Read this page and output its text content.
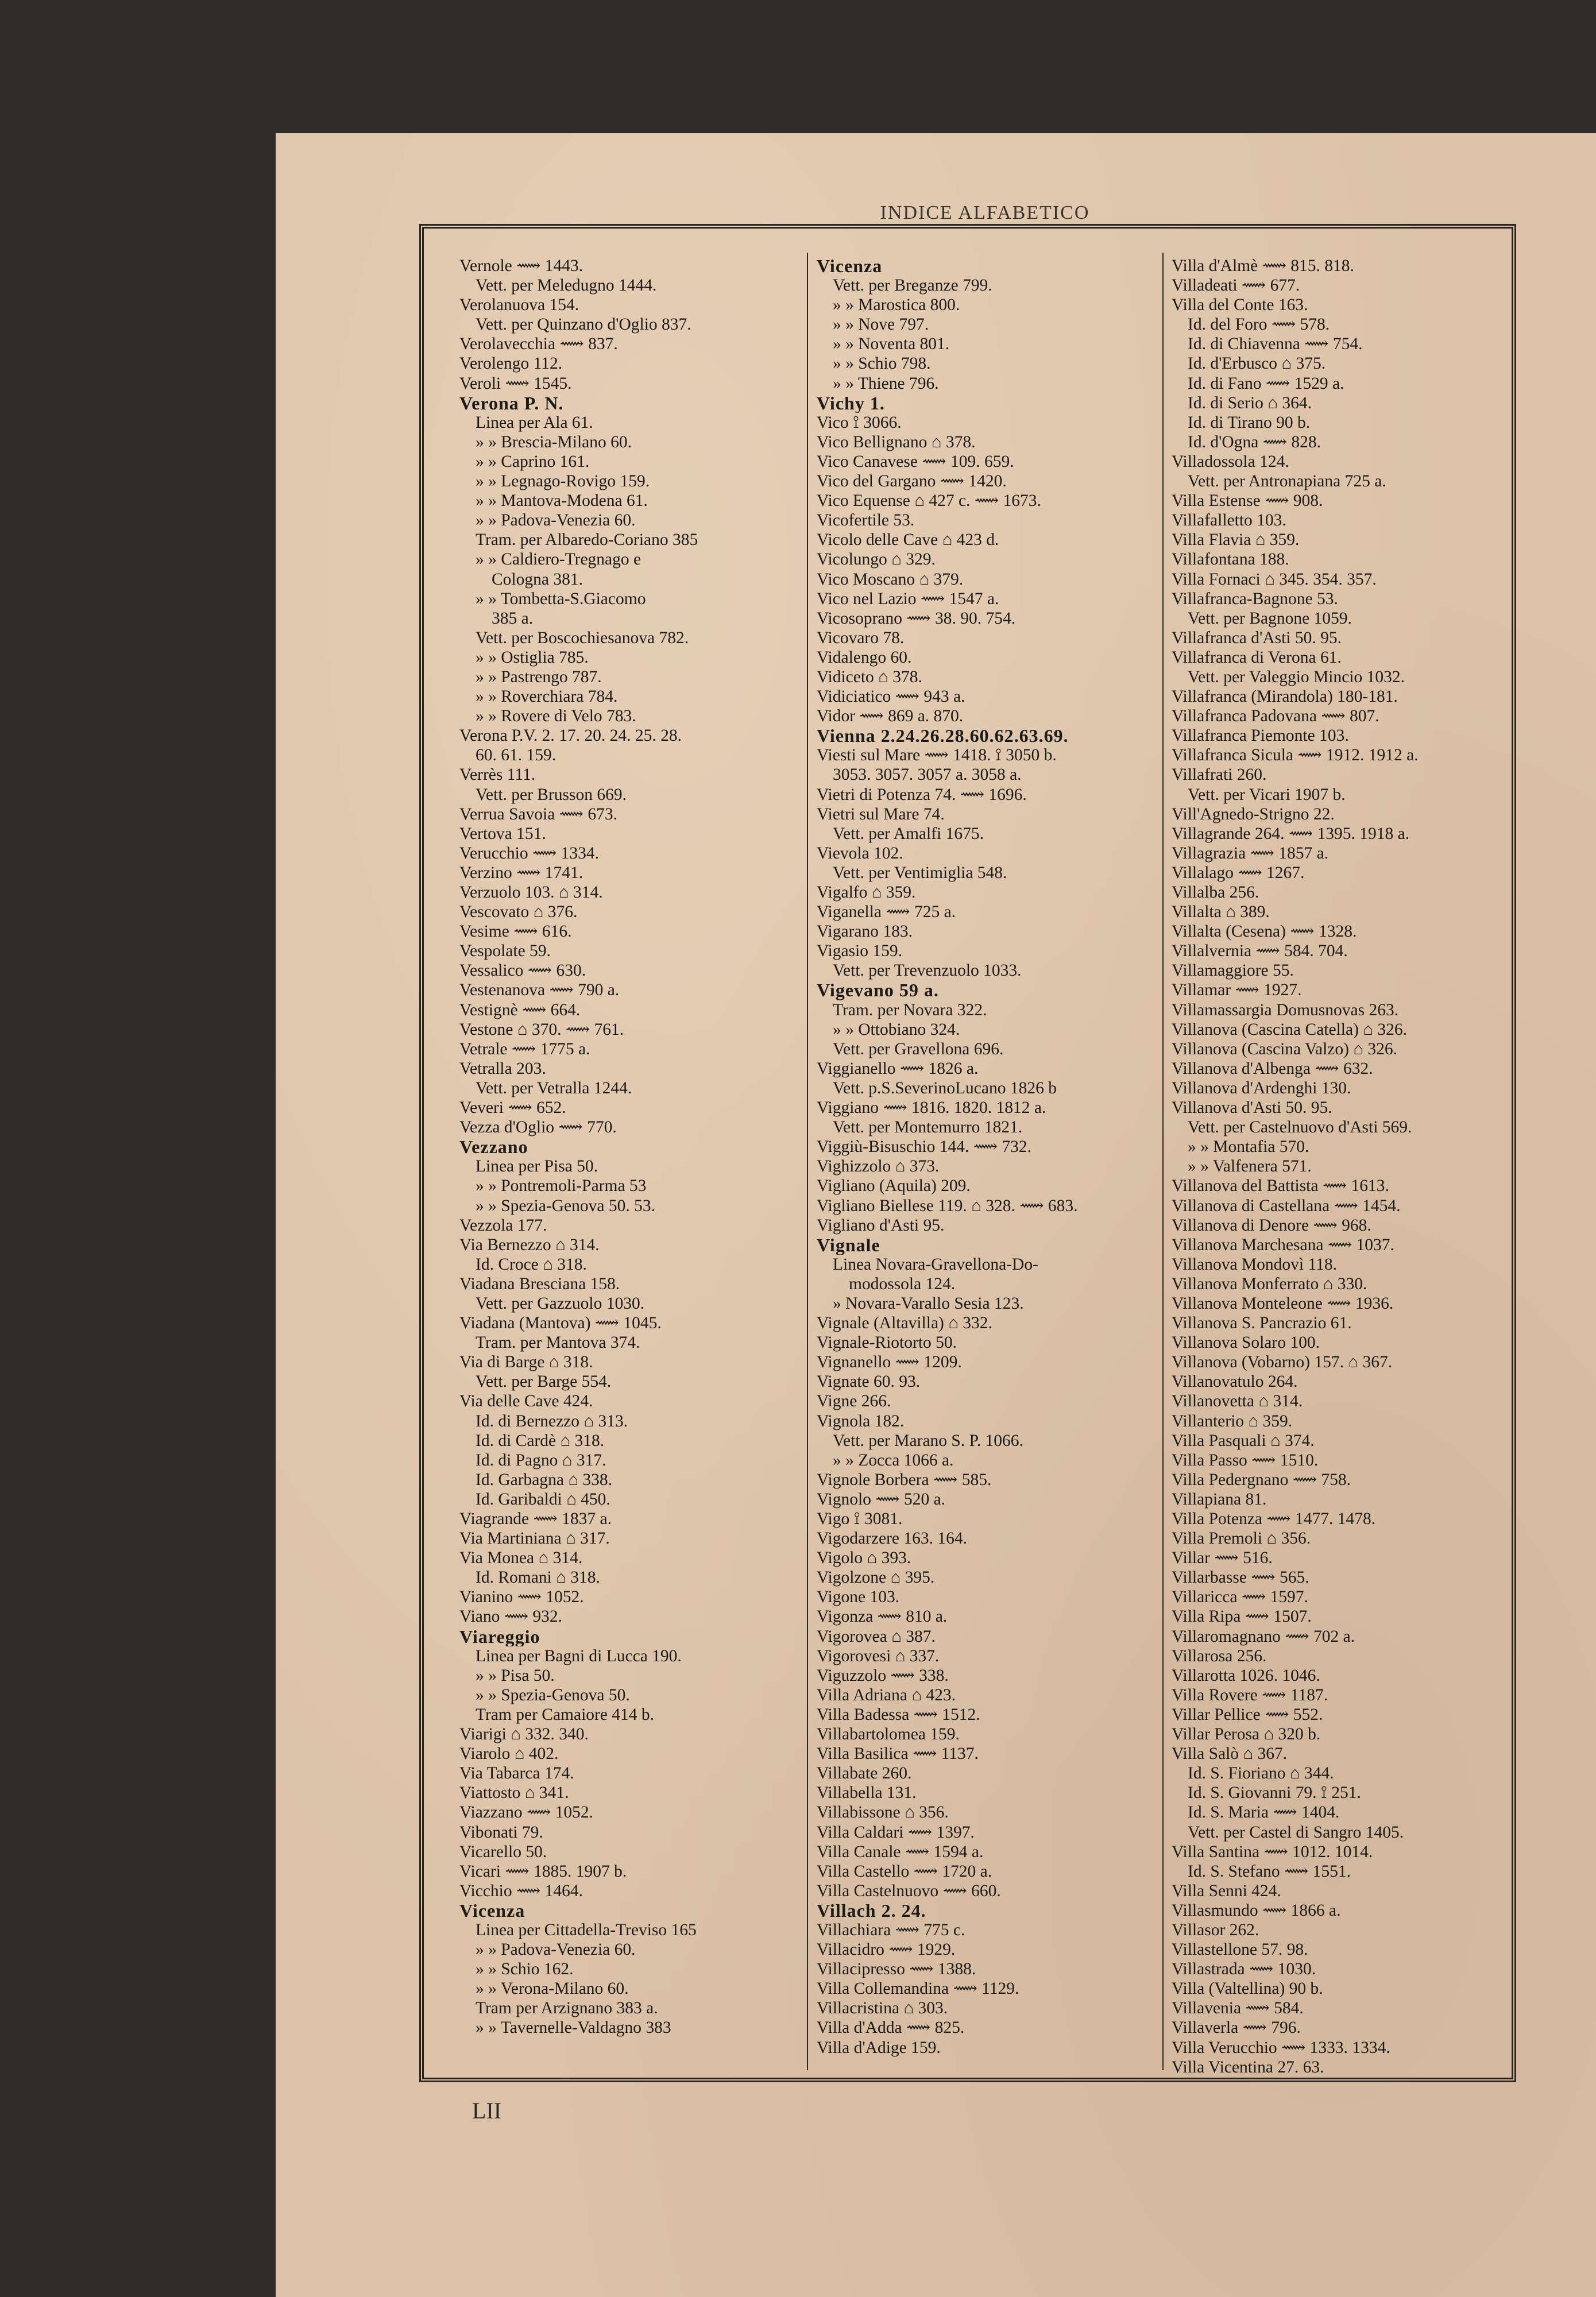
INDICE ALFABETICO
Vernole ⟿ 1443.
Vett. per Meledugno 1444.
Verolanuova 154.
Vett. per Quinzano d'Oglio 837.
Verolavecchia ⟿ 837.
Verolengo 112.
Veroli ⟿ 1545.
Verona P. N.
Linea per Ala 61.
» » Brescia-Milano 60.
» » Caprino 161.
» » Legnago-Rovigo 159.
» » Mantova-Modena 61.
» » Padova-Venezia 60.
Tram. per Albaredo-Coriano 385
» » Caldiero-Tregnago e
Cologna 381.
» » Tombetta-S.Giacomo
385 a.
Vett. per Boscochiesanova 782.
» » Ostiglia 785.
» » Pastrengo 787.
» » Roverchiara 784.
» » Rovere di Velo 783.
Verona P.V. 2. 17. 20. 24. 25. 28.
60. 61. 159.
Verrès 111.
Vett. per Brusson 669.
Verrua Savoia ⟿ 673.
Vertova 151.
Verucchio ⟿ 1334.
Verzino ⟿ 1741.
Verzuolo 103. ⌂ 314.
Vescovato ⌂ 376.
Vesime ⟿ 616.
Vespolate 59.
Vessalico ⟿ 630.
Vestenanova ⟿ 790 a.
Vestignè ⟿ 664.
Vestone ⌂ 370. ⟿ 761.
Vetrale ⟿ 1775 a.
Vetralla 203.
Vett. per Vetralla 1244.
Veveri ⟿ 652.
Vezza d'Oglio ⟿ 770.
Vezzano
Linea per Pisa 50.
» » Pontremoli-Parma 53
» » Spezia-Genova 50. 53.
Vezzola 177.
Via Bernezzo ⌂ 314.
Id. Croce ⌂ 318.
Viadana Bresciana 158.
Vett. per Gazzuolo 1030.
Viadana (Mantova) ⟿ 1045.
Tram. per Mantova 374.
Via di Barge ⌂ 318.
Vett. per Barge 554.
Via delle Cave 424.
Id. di Bernezzo ⌂ 313.
Id. di Cardè ⌂ 318.
Id. di Pagno ⌂ 317.
Id. Garbagna ⌂ 338.
Id. Garibaldi ⌂ 450.
Viagrande ⟿ 1837 a.
Via Martiniana ⌂ 317.
Via Monea ⌂ 314.
Id. Romani ⌂ 318.
Vianino ⟿ 1052.
Viano ⟿ 932.
Viareggio
Linea per Bagni di Lucca 190.
» » Pisa 50.
» » Spezia-Genova 50.
Tram per Camaiore 414 b.
Viarigi ⌂ 332. 340.
Viarolo ⌂ 402.
Via Tabarca 174.
Viattosto ⌂ 341.
Viazzano ⟿ 1052.
Vibonati 79.
Vicarello 50.
Vicari ⟿ 1885. 1907 b.
Vicchio ⟿ 1464.
Vicenza
Linea per Cittadella-Treviso 165
» » Padova-Venezia 60.
» » Schio 162.
» » Verona-Milano 60.
Tram per Arzignano 383 a.
» » Tavernelle-Valdagno 383
Vicenza
Vett. per Breganze 799.
» » Marostica 800.
» » Nove 797.
» » Noventa 801.
» » Schio 798.
» » Thiene 796.
Vichy 1.
Vico ⟟ 3066.
Vico Bellignano ⌂ 378.
Vico Canavese ⟿ 109. 659.
Vico del Gargano ⟿ 1420.
Vico Equense ⌂ 427 c. ⟿ 1673.
Vicofertile 53.
Vicolo delle Cave ⌂ 423 d.
Vicolungo ⌂ 329.
Vico Moscano ⌂ 379.
Vico nel Lazio ⟿ 1547 a.
Vicosoprano ⟿ 38. 90. 754.
Vicovaro 78.
Vidalengo 60.
Vidiceto ⌂ 378.
Vidiciatico ⟿ 943 a.
Vidor ⟿ 869 a. 870.
Vienna 2.24.26.28.60.62.63.69.
Viesti sul Mare ⟿ 1418. ⟟ 3050 b.
3053. 3057. 3057 a. 3058 a.
Vietri di Potenza 74. ⟿ 1696.
Vietri sul Mare 74.
Vett. per Amalfi 1675.
Vievola 102.
Vett. per Ventimiglia 548.
Vigalfo ⌂ 359.
Viganella ⟿ 725 a.
Vigarano 183.
Vigasio 159.
Vett. per Trevenzuolo 1033.
Vigevano 59 a.
Tram. per Novara 322.
» » Ottobiano 324.
Vett. per Gravellona 696.
Viggianello ⟿ 1826 a.
Vett. p.S.SeverinoLucano 1826 b
Viggiano ⟿ 1816. 1820. 1812 a.
Vett. per Montemurro 1821.
Viggiù-Bisuschio 144. ⟿ 732.
Vighizzolo ⌂ 373.
Vigliano (Aquila) 209.
Vigliano Biellese 119. ⌂ 328. ⟿ 683.
Vigliano d'Asti 95.
Vignale
Linea Novara-Gravellona-Do-
modossola 124.
» Novara-Varallo Sesia 123.
Vignale (Altavilla) ⌂ 332.
Vignale-Riotorto 50.
Vignanello ⟿ 1209.
Vignate 60. 93.
Vigne 266.
Vignola 182.
Vett. per Marano S. P. 1066.
» » Zocca 1066 a.
Vignole Borbera ⟿ 585.
Vignolo ⟿ 520 a.
Vigo ⟟ 3081.
Vigodarzere 163. 164.
Vigolo ⌂ 393.
Vigolzone ⌂ 395.
Vigone 103.
Vigonza ⟿ 810 a.
Vigorovea ⌂ 387.
Vigorovesi ⌂ 337.
Viguzzolo ⟿ 338.
Villa Adriana ⌂ 423.
Villa Badessa ⟿ 1512.
Villabartolomea 159.
Villa Basilica ⟿ 1137.
Villabate 260.
Villabella 131.
Villabissone ⌂ 356.
Villa Caldari ⟿ 1397.
Villa Canale ⟿ 1594 a.
Villa Castello ⟿ 1720 a.
Villa Castelnuovo ⟿ 660.
Villach 2. 24.
Villachiara ⟿ 775 c.
Villacidro ⟿ 1929.
Villacipresso ⟿ 1388.
Villa Collemandina ⟿ 1129.
Villacristina ⌂ 303.
Villa d'Adda ⟿ 825.
Villa d'Adige 159.
Villa d'Almè ⟿ 815. 818.
Villadeati ⟿ 677.
Villa del Conte 163.
Id. del Foro ⟿ 578.
Id. di Chiavenna ⟿ 754.
Id. d'Erbusco ⌂ 375.
Id. di Fano ⟿ 1529 a.
Id. di Serio ⌂ 364.
Id. di Tirano 90 b.
Id. d'Ogna ⟿ 828.
Villadossola 124.
Vett. per Antronapiana 725 a.
Villa Estense ⟿ 908.
Villafalletto 103.
Villa Flavia ⌂ 359.
Villafontana 188.
Villa Fornaci ⌂ 345. 354. 357.
Villafranca-Bagnone 53.
Vett. per Bagnone 1059.
Villafranca d'Asti 50. 95.
Villafranca di Verona 61.
Vett. per Valeggio Mincio 1032.
Villafranca (Mirandola) 180-181.
Villafranca Padovana ⟿ 807.
Villafranca Piemonte 103.
Villafranca Sicula ⟿ 1912. 1912 a.
Villafrati 260.
Vett. per Vicari 1907 b.
Vill'Agnedo-Strigno 22.
Villagrande 264. ⟿ 1395. 1918 a.
Villagrazia ⟿ 1857 a.
Villalago ⟿ 1267.
Villalba 256.
Villalta ⌂ 389.
Villalta (Cesena) ⟿ 1328.
Villalvernia ⟿ 584. 704.
Villamaggiore 55.
Villamar ⟿ 1927.
Villamassargia Domusnovas 263.
Villanova (Cascina Catella) ⌂ 326.
Villanova (Cascina Valzo) ⌂ 326.
Villanova d'Albenga ⟿ 632.
Villanova d'Ardenghi 130.
Villanova d'Asti 50. 95.
Vett. per Castelnuovo d'Asti 569.
» » Montafia 570.
» » Valfenera 571.
Villanova del Battista ⟿ 1613.
Villanova di Castellana ⟿ 1454.
Villanova di Denore ⟿ 968.
Villanova Marchesana ⟿ 1037.
Villanova Mondovì 118.
Villanova Monferrato ⌂ 330.
Villanova Monteleone ⟿ 1936.
Villanova S. Pancrazio 61.
Villanova Solaro 100.
Villanova (Vobarno) 157. ⌂ 367.
Villanovatulo 264.
Villanovetta ⌂ 314.
Villanterio ⌂ 359.
Villa Pasquali ⌂ 374.
Villa Passo ⟿ 1510.
Villa Pedergnano ⟿ 758.
Villapiana 81.
Villa Potenza ⟿ 1477. 1478.
Villa Premoli ⌂ 356.
Villar ⟿ 516.
Villarbasse ⟿ 565.
Villaricca ⟿ 1597.
Villa Ripa ⟿ 1507.
Villaromagnano ⟿ 702 a.
Villarosa 256.
Villarotta 1026. 1046.
Villa Rovere ⟿ 1187.
Villar Pellice ⟿ 552.
Villar Perosa ⌂ 320 b.
Villa Salò ⌂ 367.
Id. S. Fioriano ⌂ 344.
Id. S. Giovanni 79. ⟟ 251.
Id. S. Maria ⟿ 1404.
Vett. per Castel di Sangro 1405.
Villa Santina ⟿ 1012. 1014.
Id. S. Stefano ⟿ 1551.
Villa Senni 424.
Villasmundo ⟿ 1866 a.
Villasor 262.
Villastellone 57. 98.
Villastrada ⟿ 1030.
Villa (Valtellina) 90 b.
Villavenia ⟿ 584.
Villaverla ⟿ 796.
Villa Verucchio ⟿ 1333. 1334.
Villa Vicentina 27. 63.
LII
